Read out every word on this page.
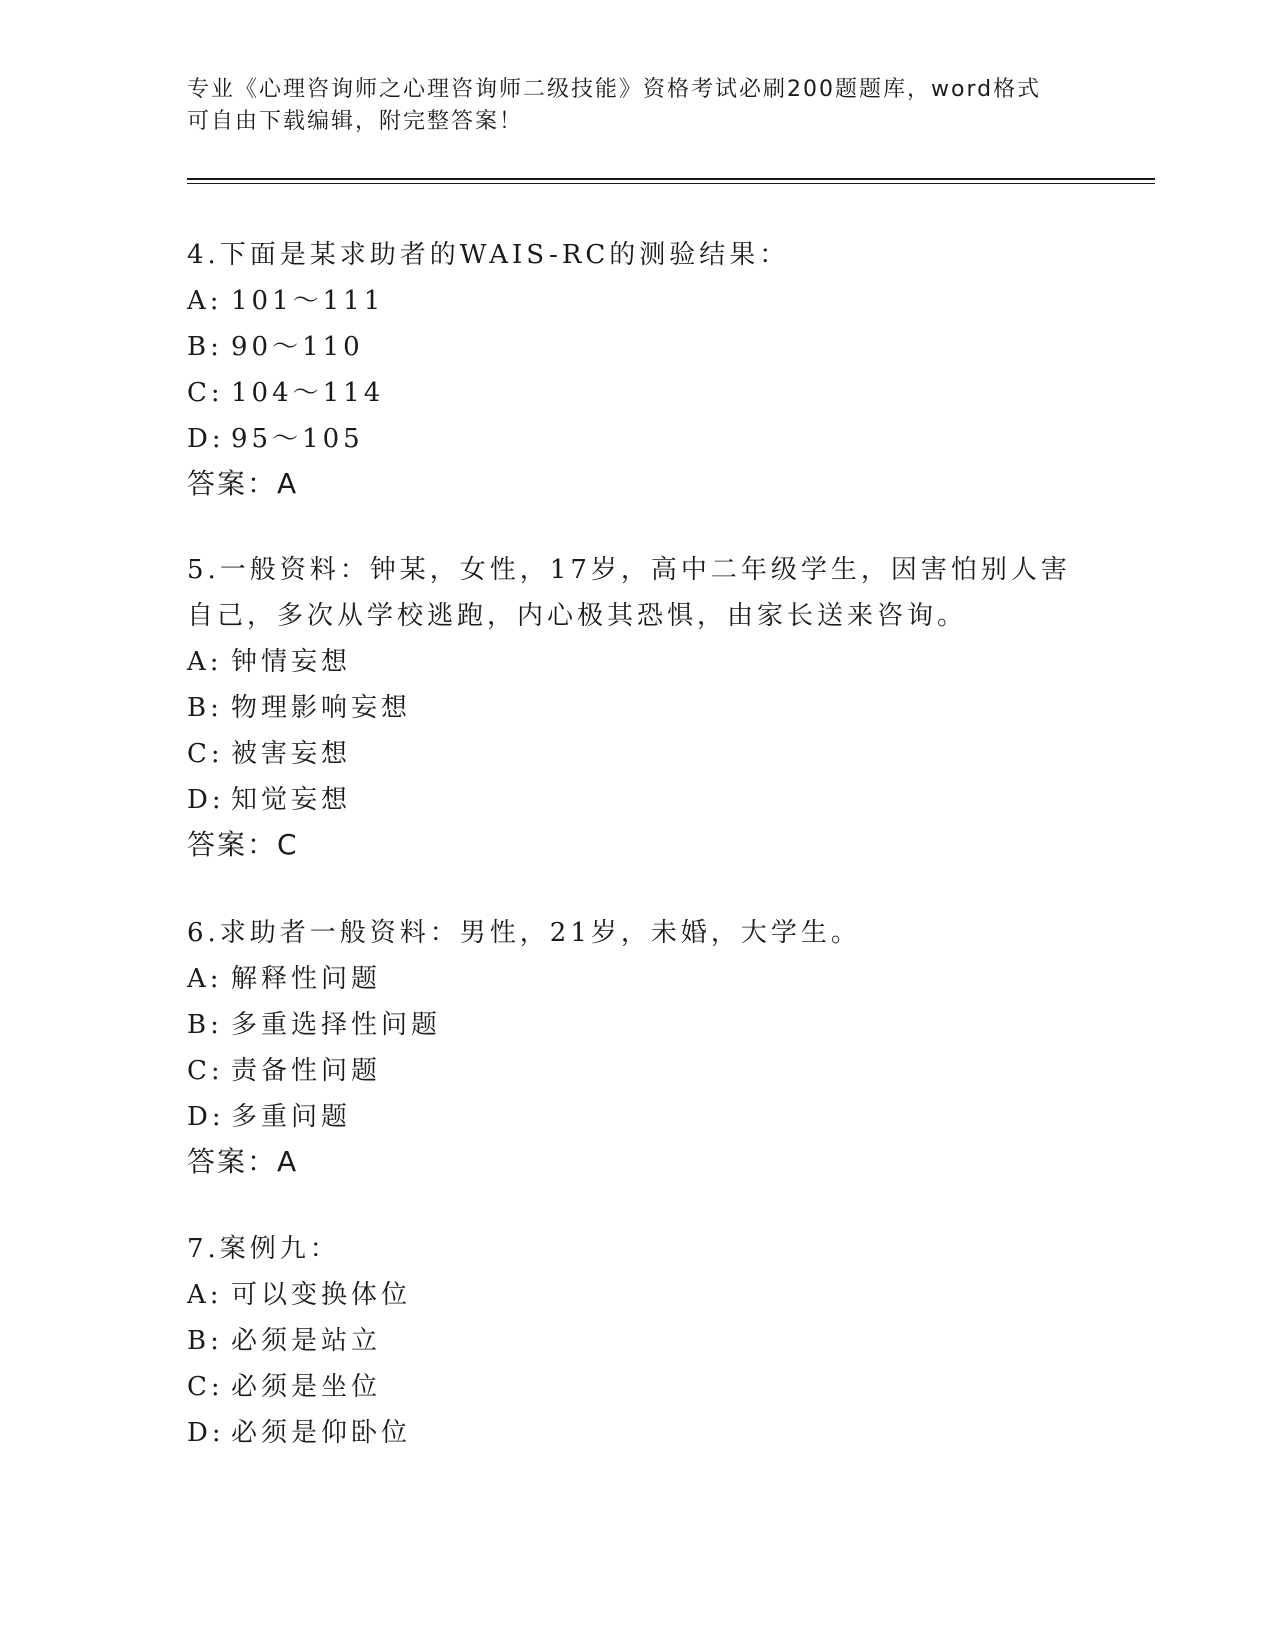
专业《心理咨询师之心理咨询师二级技能》资格考试必刷200题题库，word格式
可自由下载编辑，附完整答案！

4.下面是某求助者的WAIS-RC的测验结果：

A: 101～111
B: 90～110
C: 104～114
D: 95～105
答案：A

5.一般资料：钟某，女性，17岁，高中二年级学生，因害怕别人害自己，多次从学校逃跑，内心极其恐惧，由家长送来咨询。

A: 钟情妄想
B: 物理影响妄想
C: 被害妄想
D: 知觉妄想
答案：C

6.求助者一般资料：男性，21岁，未婚，大学生。

A: 解释性问题
B: 多重选择性问题
C: 责备性问题
D: 多重问题
答案：A

7.案例九：

A: 可以变换体位
B: 必须是站立
C: 必须是坐位
D: 必须是仰卧位
